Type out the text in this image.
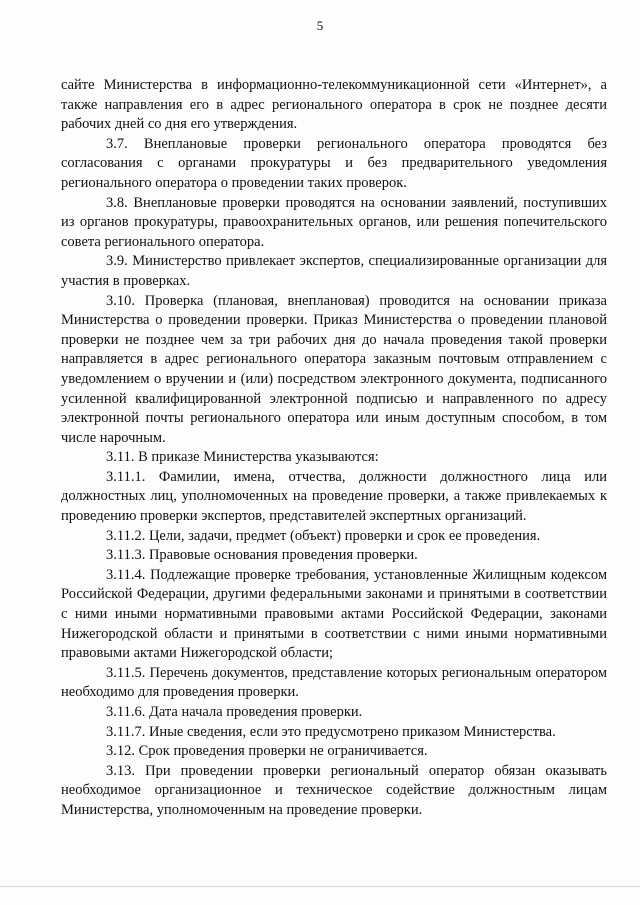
5

сайте Министерства в информационно-телекоммуникационной сети «Интернет», а также направления его в адрес регионального оператора в срок не позднее десяти рабочих дней со дня его утверждения.

3.7. Внеплановые проверки регионального оператора проводятся без согласования с органами прокуратуры и без предварительного уведомления регионального оператора о проведении таких проверок.

3.8. Внеплановые проверки проводятся на основании заявлений, поступивших из органов прокуратуры, правоохранительных органов, или решения попечительского совета регионального оператора.

3.9. Министерство привлекает экспертов, специализированные организации для участия в проверках.

3.10. Проверка (плановая, внеплановая) проводится на основании приказа Министерства о проведении проверки. Приказ Министерства о проведении плановой проверки не позднее чем за три рабочих дня до начала проведения такой проверки направляется в адрес регионального оператора заказным почтовым отправлением с уведомлением о вручении и (или) посредством электронного документа, подписанного усиленной квалифицированной электронной подписью и направленного по адресу электронной почты регионального оператора или иным доступным способом, в том числе нарочным.

3.11. В приказе Министерства указываются:

3.11.1. Фамилии, имена, отчества, должности должностного лица или должностных лиц, уполномоченных на проведение проверки, а также привлекаемых к проведению проверки экспертов, представителей экспертных организаций.

3.11.2. Цели, задачи, предмет (объект) проверки и срок ее проведения.

3.11.3. Правовые основания проведения проверки.

3.11.4. Подлежащие проверке требования, установленные Жилищным кодексом Российской Федерации, другими федеральными законами и принятыми в соответствии с ними иными нормативными правовыми актами Российской Федерации, законами Нижегородской области и принятыми в соответствии с ними иными нормативными правовыми актами Нижегородской области;

3.11.5. Перечень документов, представление которых региональным оператором необходимо для проведения проверки.

3.11.6. Дата начала проведения проверки.

3.11.7. Иные сведения, если это предусмотрено приказом Министерства.

3.12. Срок проведения проверки не ограничивается.

3.13. При проведении проверки региональный оператор обязан оказывать необходимое организационное и техническое содействие должностным лицам Министерства, уполномоченным на проведение проверки.
